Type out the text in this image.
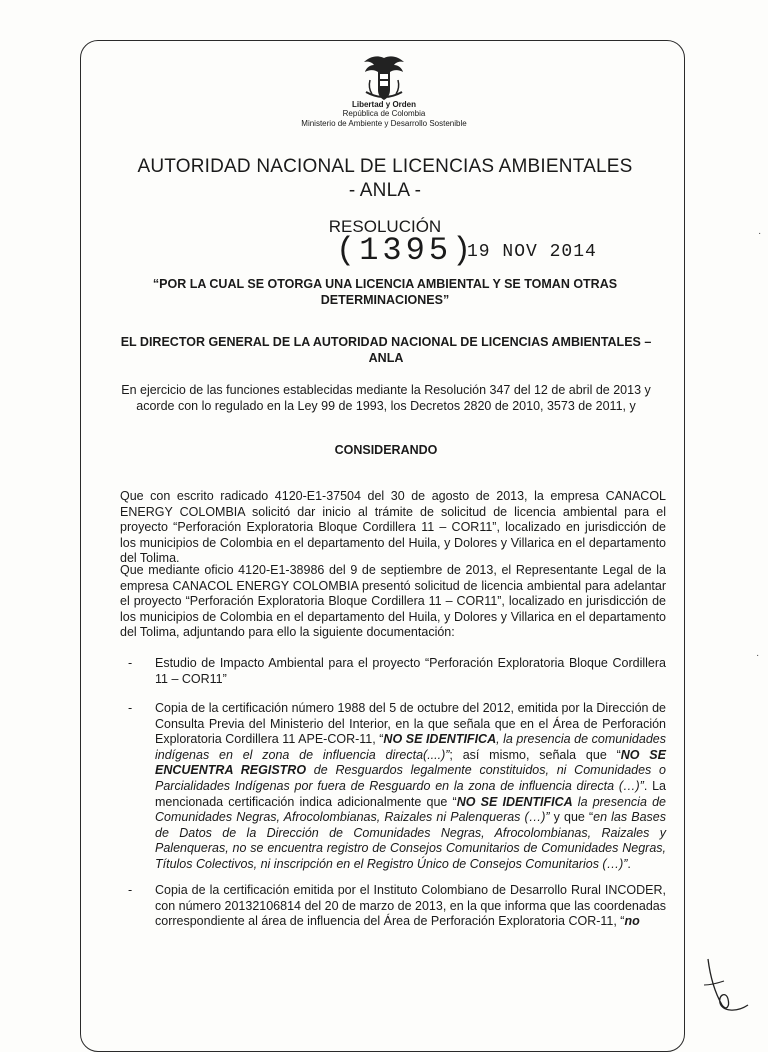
Libertad y Orden
República de Colombia
Ministerio de Ambiente y Desarrollo Sostenible
AUTORIDAD NACIONAL DE LICENCIAS AMBIENTALES
- ANLA -
RESOLUCIÓN
(1395)
19 NOV 2014
“POR LA CUAL SE OTORGA UNA LICENCIA AMBIENTAL Y SE TOMAN OTRAS DETERMINACIONES”
EL DIRECTOR GENERAL DE LA AUTORIDAD NACIONAL DE LICENCIAS AMBIENTALES – ANLA
En ejercicio de las funciones establecidas mediante la Resolución 347 del 12 de abril de 2013 y acorde con lo regulado en la Ley 99 de 1993, los Decretos 2820 de 2010, 3573 de 2011, y
CONSIDERANDO
Que con escrito radicado 4120-E1-37504 del 30 de agosto de 2013, la empresa CANACOL ENERGY COLOMBIA solicitó dar inicio al trámite de solicitud de licencia ambiental para el proyecto “Perforación Exploratoria Bloque Cordillera 11 – COR11”, localizado en jurisdicción de los municipios de Colombia en el departamento del Huila, y Dolores y Villarica en el departamento del Tolima.
Que mediante oficio 4120-E1-38986 del 9 de septiembre de 2013, el Representante Legal de la empresa CANACOL ENERGY COLOMBIA presentó solicitud de licencia ambiental para adelantar el proyecto “Perforación Exploratoria Bloque Cordillera 11 – COR11”, localizado en jurisdicción de los municipios de Colombia en el departamento del Huila, y Dolores y Villarica en el departamento del Tolima, adjuntando para ello la siguiente documentación:
- Estudio de Impacto Ambiental para el proyecto “Perforación Exploratoria Bloque Cordillera 11 – COR11”
- Copia de la certificación número 1988 del 5 de octubre del 2012, emitida por la Dirección de Consulta Previa del Ministerio del Interior, en la que señala que en el Área de Perforación Exploratoria Cordillera 11 APE-COR-11, “NO SE IDENTIFICA, la presencia de comunidades indígenas en el zona de influencia directa(....)”; así mismo, señala que “NO SE ENCUENTRA REGISTRO de Resguardos legalmente constituidos, ni Comunidades o Parcialidades Indígenas por fuera de Resguardo en la zona de influencia directa (…)”. La mencionada certificación indica adicionalmente que “NO SE IDENTIFICA la presencia de Comunidades Negras, Afrocolombianas, Raizales ni Palenqueras (…)” y que “en las Bases de Datos de la Dirección de Comunidades Negras, Afrocolombianas, Raizales y Palenqueras, no se encuentra registro de Consejos Comunitarios de Comunidades Negras, Títulos Colectivos, ni inscripción en el Registro Único de Consejos Comunitarios (…)”.
- Copia de la certificación emitida por el Instituto Colombiano de Desarrollo Rural INCODER, con número 20132106814 del 20 de marzo de 2013, en la que informa que las coordenadas correspondiente al área de influencia del Área de Perforación Exploratoria COR-11, “no
·
·
